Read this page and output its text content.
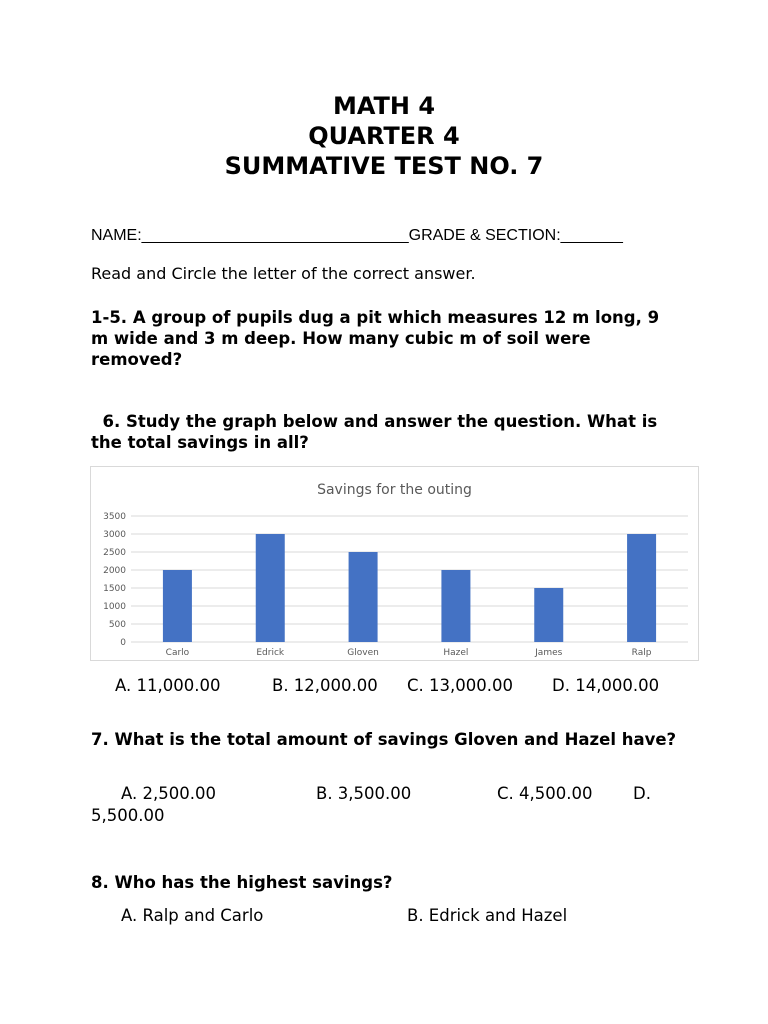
MATH 4
QUARTER 4
SUMMATIVE TEST NO. 7
NAME:______________________________GRADE & SECTION:_______
Read and Circle the letter of the correct answer.
1-5. A group of pupils dug a pit which measures 12 m long, 9 m wide and 3 m deep. How many cubic m of soil were removed?
6. Study the graph below and answer the question. What is the total savings in all?
Savings for the outing
0
500
1000
1500
2000
2500
3000
3500
Carlo	Edrick	Gloven	Hazel	James	Ralp
A. 11,000.00	B. 12,000.00 C. 13,000.00 D. 14,000.00
7. What is the total amount of savings Gloven and Hazel have?
A. 2,500.00	B. 3,500.00	C. 4,500.00 D.
5,500.00
8. Who has the highest savings?
A. Ralp and Carlo	B. Edrick and Hazel
